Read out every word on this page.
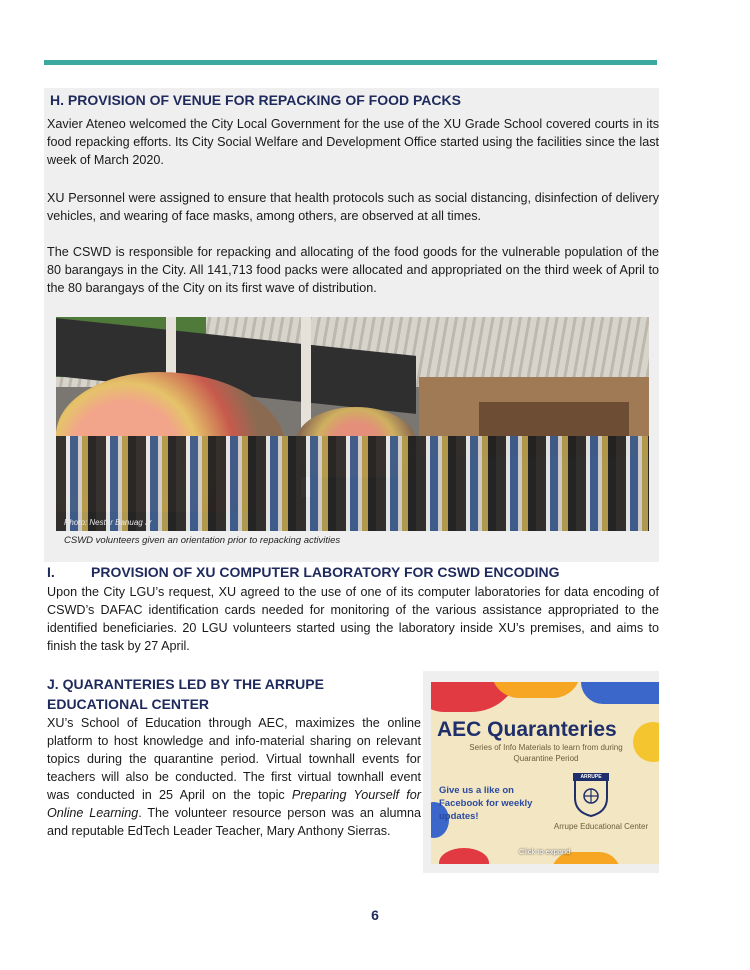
H. PROVISION OF VENUE FOR REPACKING OF FOOD PACKS
Xavier Ateneo welcomed the City Local Government for the use of the XU Grade School covered courts in its food repacking efforts. Its City Social Welfare and Development Office started using the facilities since the last week of March 2020.
XU Personnel were assigned to ensure that health protocols such as social distancing, disinfection of delivery vehicles, and wearing of face masks, among others, are observed at all times.
The CSWD is responsible for repacking and allocating of the food goods for the vulnerable population of the 80 barangays in the City. All 141,713 food packs were allocated and appropriated on the third week of April to the 80 barangays of the City on its first wave of distribution.
Photo: Nestor Banuag Jr
CSWD volunteers given an orientation prior to repacking activities
I.	PROVISION OF XU COMPUTER LABORATORY FOR CSWD ENCODING
Upon the City LGU’s request, XU agreed to the use of one of its computer laboratories for data encoding of CSWD’s DAFAC identification cards needed for monitoring of the various assistance appropriated to the identified beneficiaries. 20 LGU volunteers started using the laboratory inside XU’s premises, and aims to finish the task by 27 April.
J. QUARANTERIES LED BY THE ARRUPE
EDUCATIONAL CENTER
XU’s School of Education through AEC, maximizes the online platform to host knowledge and info-material sharing on relevant topics during the quarantine period. Virtual townhall events for teachers will also be conducted. The first virtual townhall event was conducted in 25 April on the topic Preparing Yourself for Online Learning. The volunteer resource person was an alumna and reputable EdTech Leader Teacher, Mary Anthony Sierras.
AEC Quaranteries
Series of Info Materials to learn from during Quarantine Period
Give us a like on Facebook for weekly updates!
ARRUPE
Arrupe Educational Center
Click to expand
6
